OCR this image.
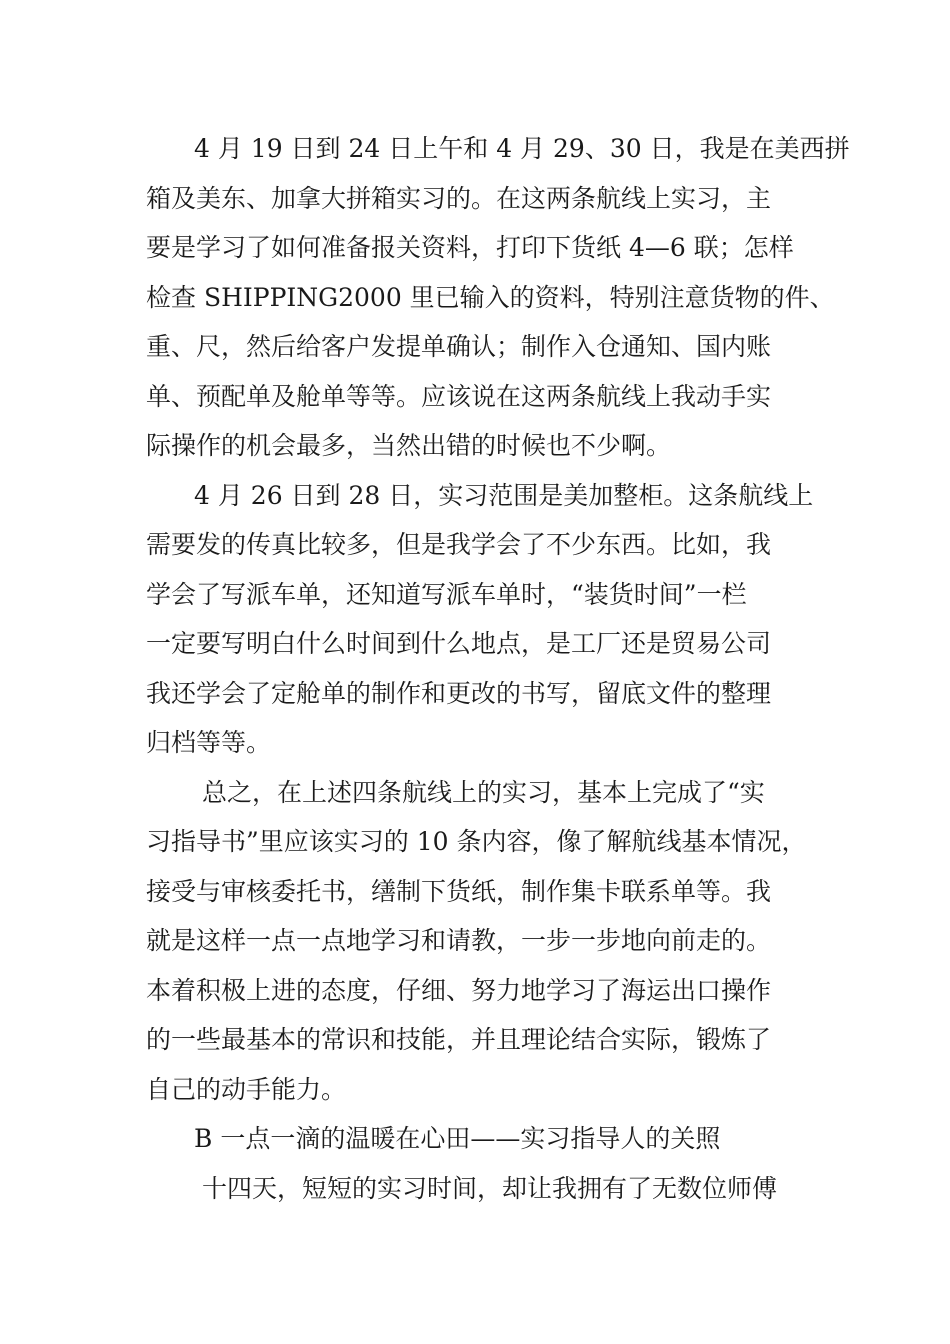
4 月 19 日到 24 日上午和 4 月 29、30 日，我是在美西拼
箱及美东、加拿大拼箱实习的。在这两条航线上实习，主
要是学习了如何准备报关资料，打印下货纸 4—6 联；怎样
检查 SHIPPING2000 里已输入的资料，特别注意货物的件、
重、尺，然后给客户发提单确认；制作入仓通知、国内账
单、预配单及舱单等等。应该说在这两条航线上我动手实
际操作的机会最多，当然出错的时候也不少啊。
4 月 26 日到 28 日，实习范围是美加整柜。这条航线上
需要发的传真比较多，但是我学会了不少东西。比如，我
学会了写派车单，还知道写派车单时，“装货时间”一栏
一定要写明白什么时间到什么地点，是工厂还是贸易公司
我还学会了定舱单的制作和更改的书写，留底文件的整理
归档等等。
总之，在上述四条航线上的实习，基本上完成了“实
习指导书”里应该实习的 10 条内容，像了解航线基本情况，
接受与审核委托书，缮制下货纸，制作集卡联系单等。我
就是这样一点一点地学习和请教，一步一步地向前走的。
本着积极上进的态度，仔细、努力地学习了海运出口操作
的一些最基本的常识和技能，并且理论结合实际，锻炼了
自己的动手能力。
B 一点一滴的温暖在心田——实习指导人的关照
十四天，短短的实习时间，却让我拥有了无数位师傅
